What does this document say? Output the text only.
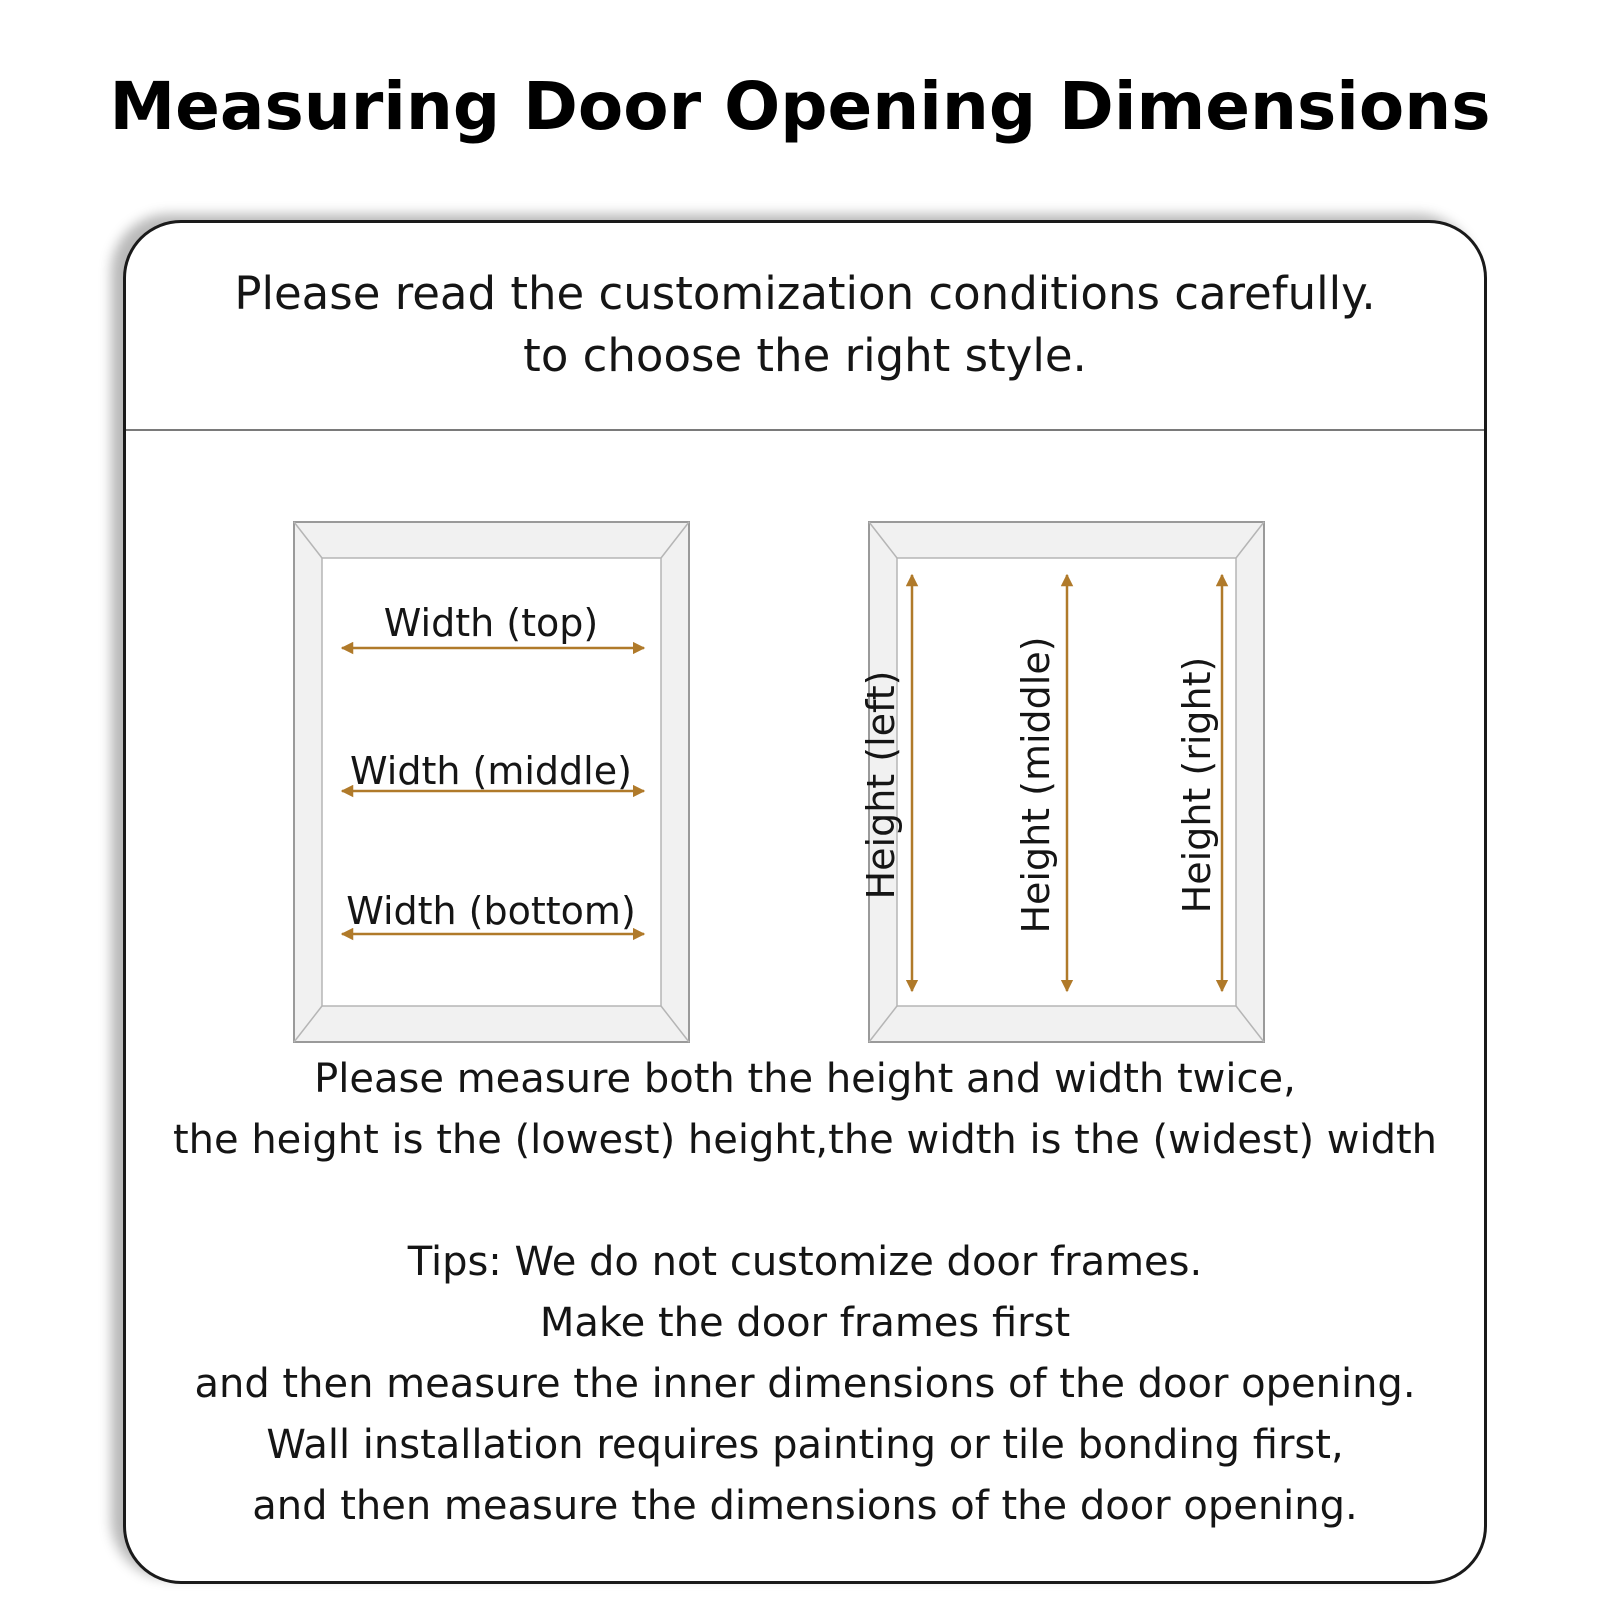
Measuring Door Opening Dimensions
Please read the customization conditions carefully.
to choose the right style.
Width (top)
Width (middle)
Width (bottom)
Height (left)	Height (middle)	Height (right)
Please measure both the height and width twice,
the height is the (lowest) height,the width is the (widest) width
Tips: We do not customize door frames.
Make the door frames first
and then measure the inner dimensions of the door opening.
Wall installation requires painting or tile bonding first,
and then measure the dimensions of the door opening.
